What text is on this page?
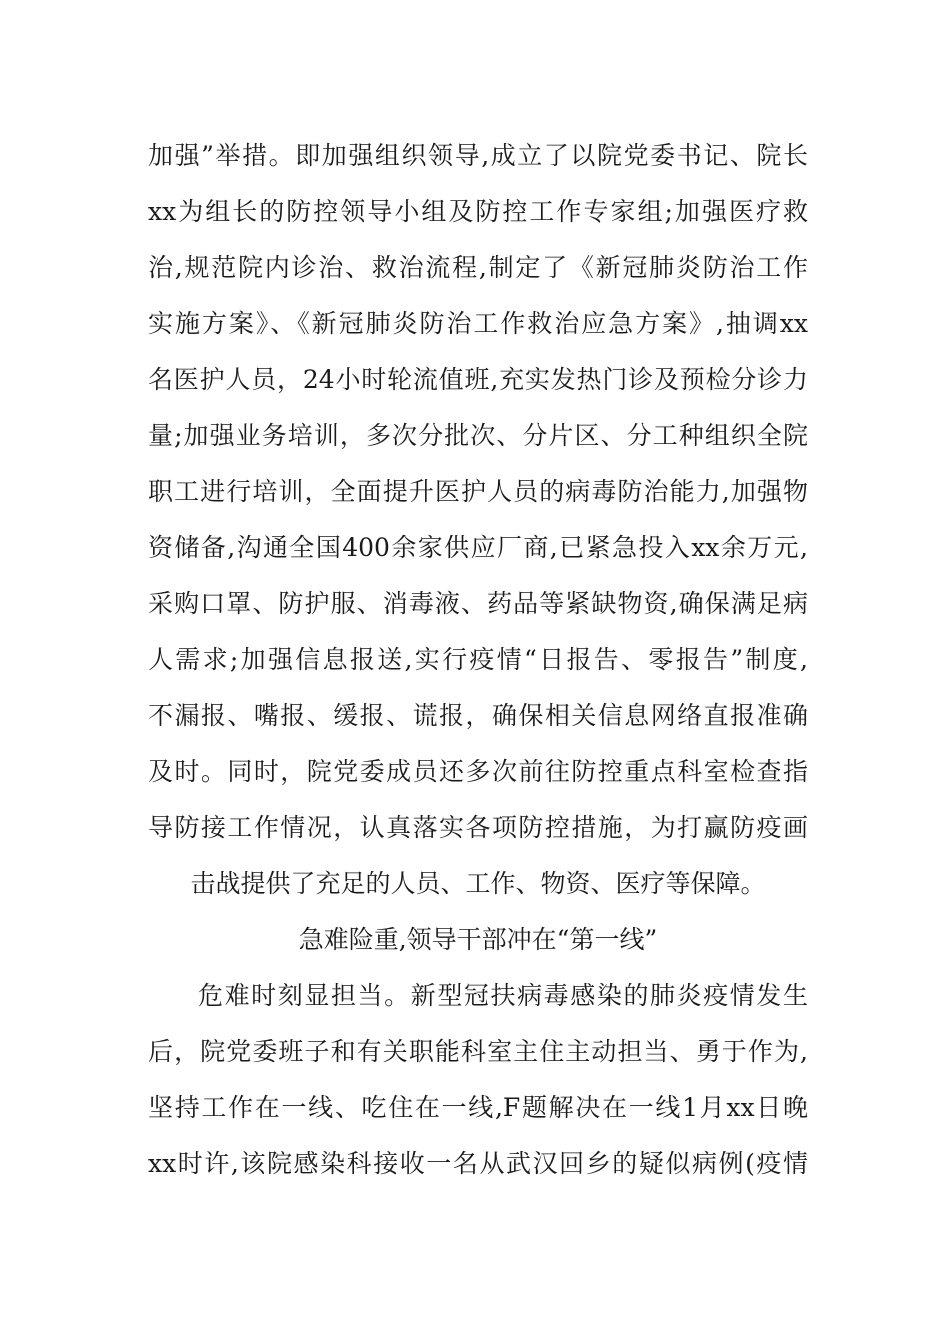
加强”举措。即加强组织领导,成立了以院党委书记、院长
xx为组长的防控领导小组及防控工作专家组;加强医疗救
治,规范院内诊治、救治流程,制定了《新冠肺炎防治工作
实施方案》、《新冠肺炎防治工作救治应急方案》,抽调xx
名医护人员，24小时轮流值班,充实发热门诊及预检分诊力
量;加强业务培训，多次分批次、分片区、分工种组织全院
职工进行培训，全面提升医护人员的病毒防治能力,加强物
资储备,沟通全国400余家供应厂商,已紧急投入xx余万元,
采购口罩、防护服、消毒液、药品等紧缺物资,确保满足病
人需求;加强信息报送,实行疫情“日报告、零报告”制度,
不漏报、嘴报、缓报、谎报，确保相关信息网络直报准确
及时。同时，院党委成员还多次前往防控重点科室检查指
导防接工作情况，认真落实各项防控措施，为打赢防疫画
击战提供了充足的人员、工作、物资、医疗等保障。
急难险重,领导干部冲在“第一线”
危难时刻显担当。新型冠扶病毒感染的肺炎疫情发生
后，院党委班子和有关职能科室主住主动担当、勇于作为,
坚持工作在一线、吃住在一线,F题解决在一线1月xx日晚
xx时许,该院感染科接收一名从武汉回乡的疑似病例(疫情
